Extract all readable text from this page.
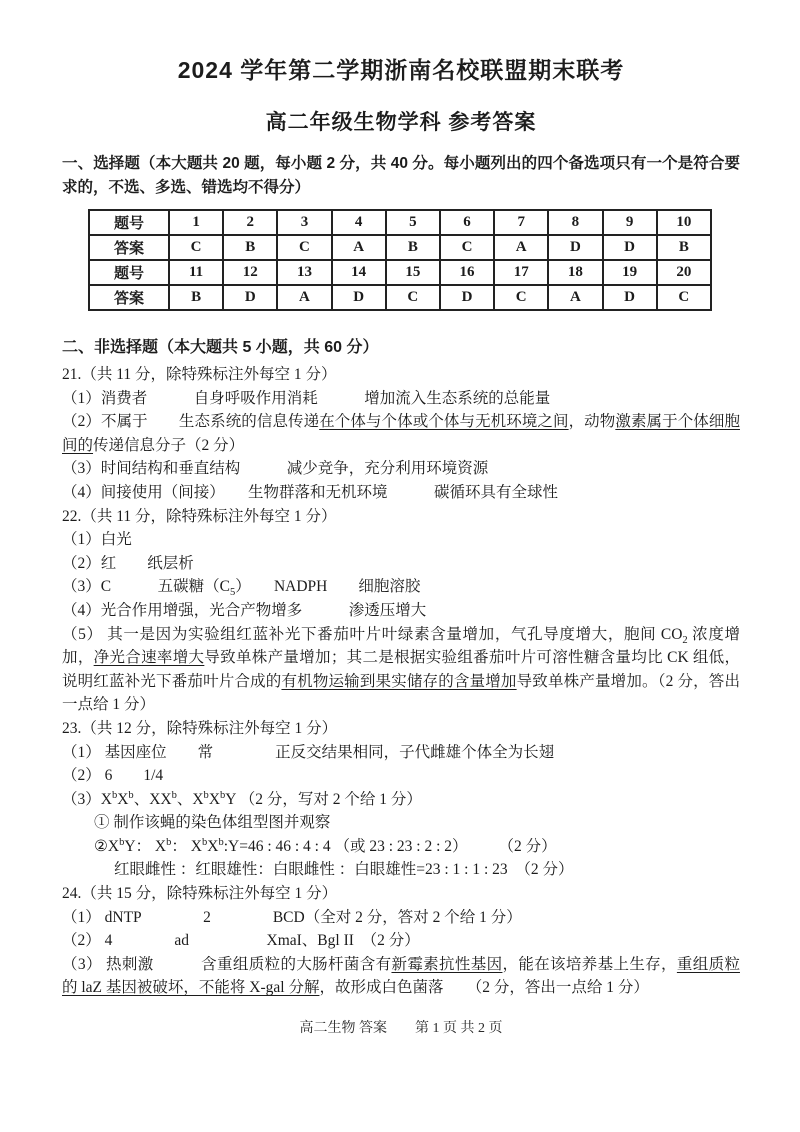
2024 学年第二学期浙南名校联盟期末联考
高二年级生物学科 参考答案

一、选择题（本大题共 20 题，每小题 2 分，共 40 分。每小题列出的四个备选项只有一个是符合要求的，不选、多选、错选均不得分）

题号	1	2	3	4	5	6	7	8	9	10
答案	C	B	C	A	B	C	A	D	D	B
题号	11	12	13	14	15	16	17	18	19	20
答案	B	D	A	D	C	D	C	A	D	C

二、非选择题（本大题共 5 小题，共 60 分）

21.（共 11 分，除特殊标注外每空 1 分）

（1）消费者　　　自身呼吸作用消耗　　　增加流入生态系统的总能量

（2）不属于　　生态系统的信息传递在个体与个体或个体与无机环境之间，动物激素属于个体细胞间的传递信息分子（2 分）

（3）时间结构和垂直结构　　　减少竞争，充分利用环境资源

（4）间接使用（间接）　　生物群落和无机环境　　　碳循环具有全球性

22.（共 11 分，除特殊标注外每空 1 分）

（1）白光

（2）红　　纸层析

（3）C　　　五碳糖$(C_5)$　　NADPH　　细胞溶胶

（4）光合作用增强，光合产物增多　　　渗透压增大

（5） 其一是因为实验组红蓝补光下番茄叶片叶绿素含量增加，气孔导度增大，胞间 $CO_2$ 浓度增加，净光合速率增大导致单株产量增加；其二是根据实验组番茄叶片可溶性糖含量均比 CK 组低，说明红蓝补光下番茄叶片合成的有机物运输到果实储存的含量增加导致单株产量增加。（2 分，答出一点给 1 分）

23.（共 12 分，除特殊标注外每空 1 分）

（1） 基因座位　　常　　　　正反交结果相同，子代雌雄个体全为长翅

（2） 6　　1/4

$(3)X^bX^b$、$XX^b$、$X^bX^bY$ （2 分，写对 2 个给 1 分）

① 制作该蝇的染色体组型图并观察

$②X^bY$： $X^b$： $X^bX^b:Y=46$ : 46 : 4 : 4 （或 23 : 23 : 2 : 2）　　　（2 分）

红眼雌性 ：红眼雄性：白眼雌性 ：白眼雄性=23 : 1 : 1 : 23　（2 分）

24.（共 15 分，除特殊标注外每空 1 分）

（1） dNTP　　　　2　　　　BCD（全对 2 分，答对 2 个给 1 分）

（2） 4　　　　ad　　　　　XmaI、Bgl II　（2 分）

（3） 热刺激　　　含重组质粒的大肠杆菌含有新霉素抗性基因，能在该培养基上生存，重组质粒的 laZ 基因被破坏，不能将 X-gal 分解，故形成白色菌落　　（2 分，答出一点给 1 分）

高二生物 答案　　第 1 页 共 2 页
